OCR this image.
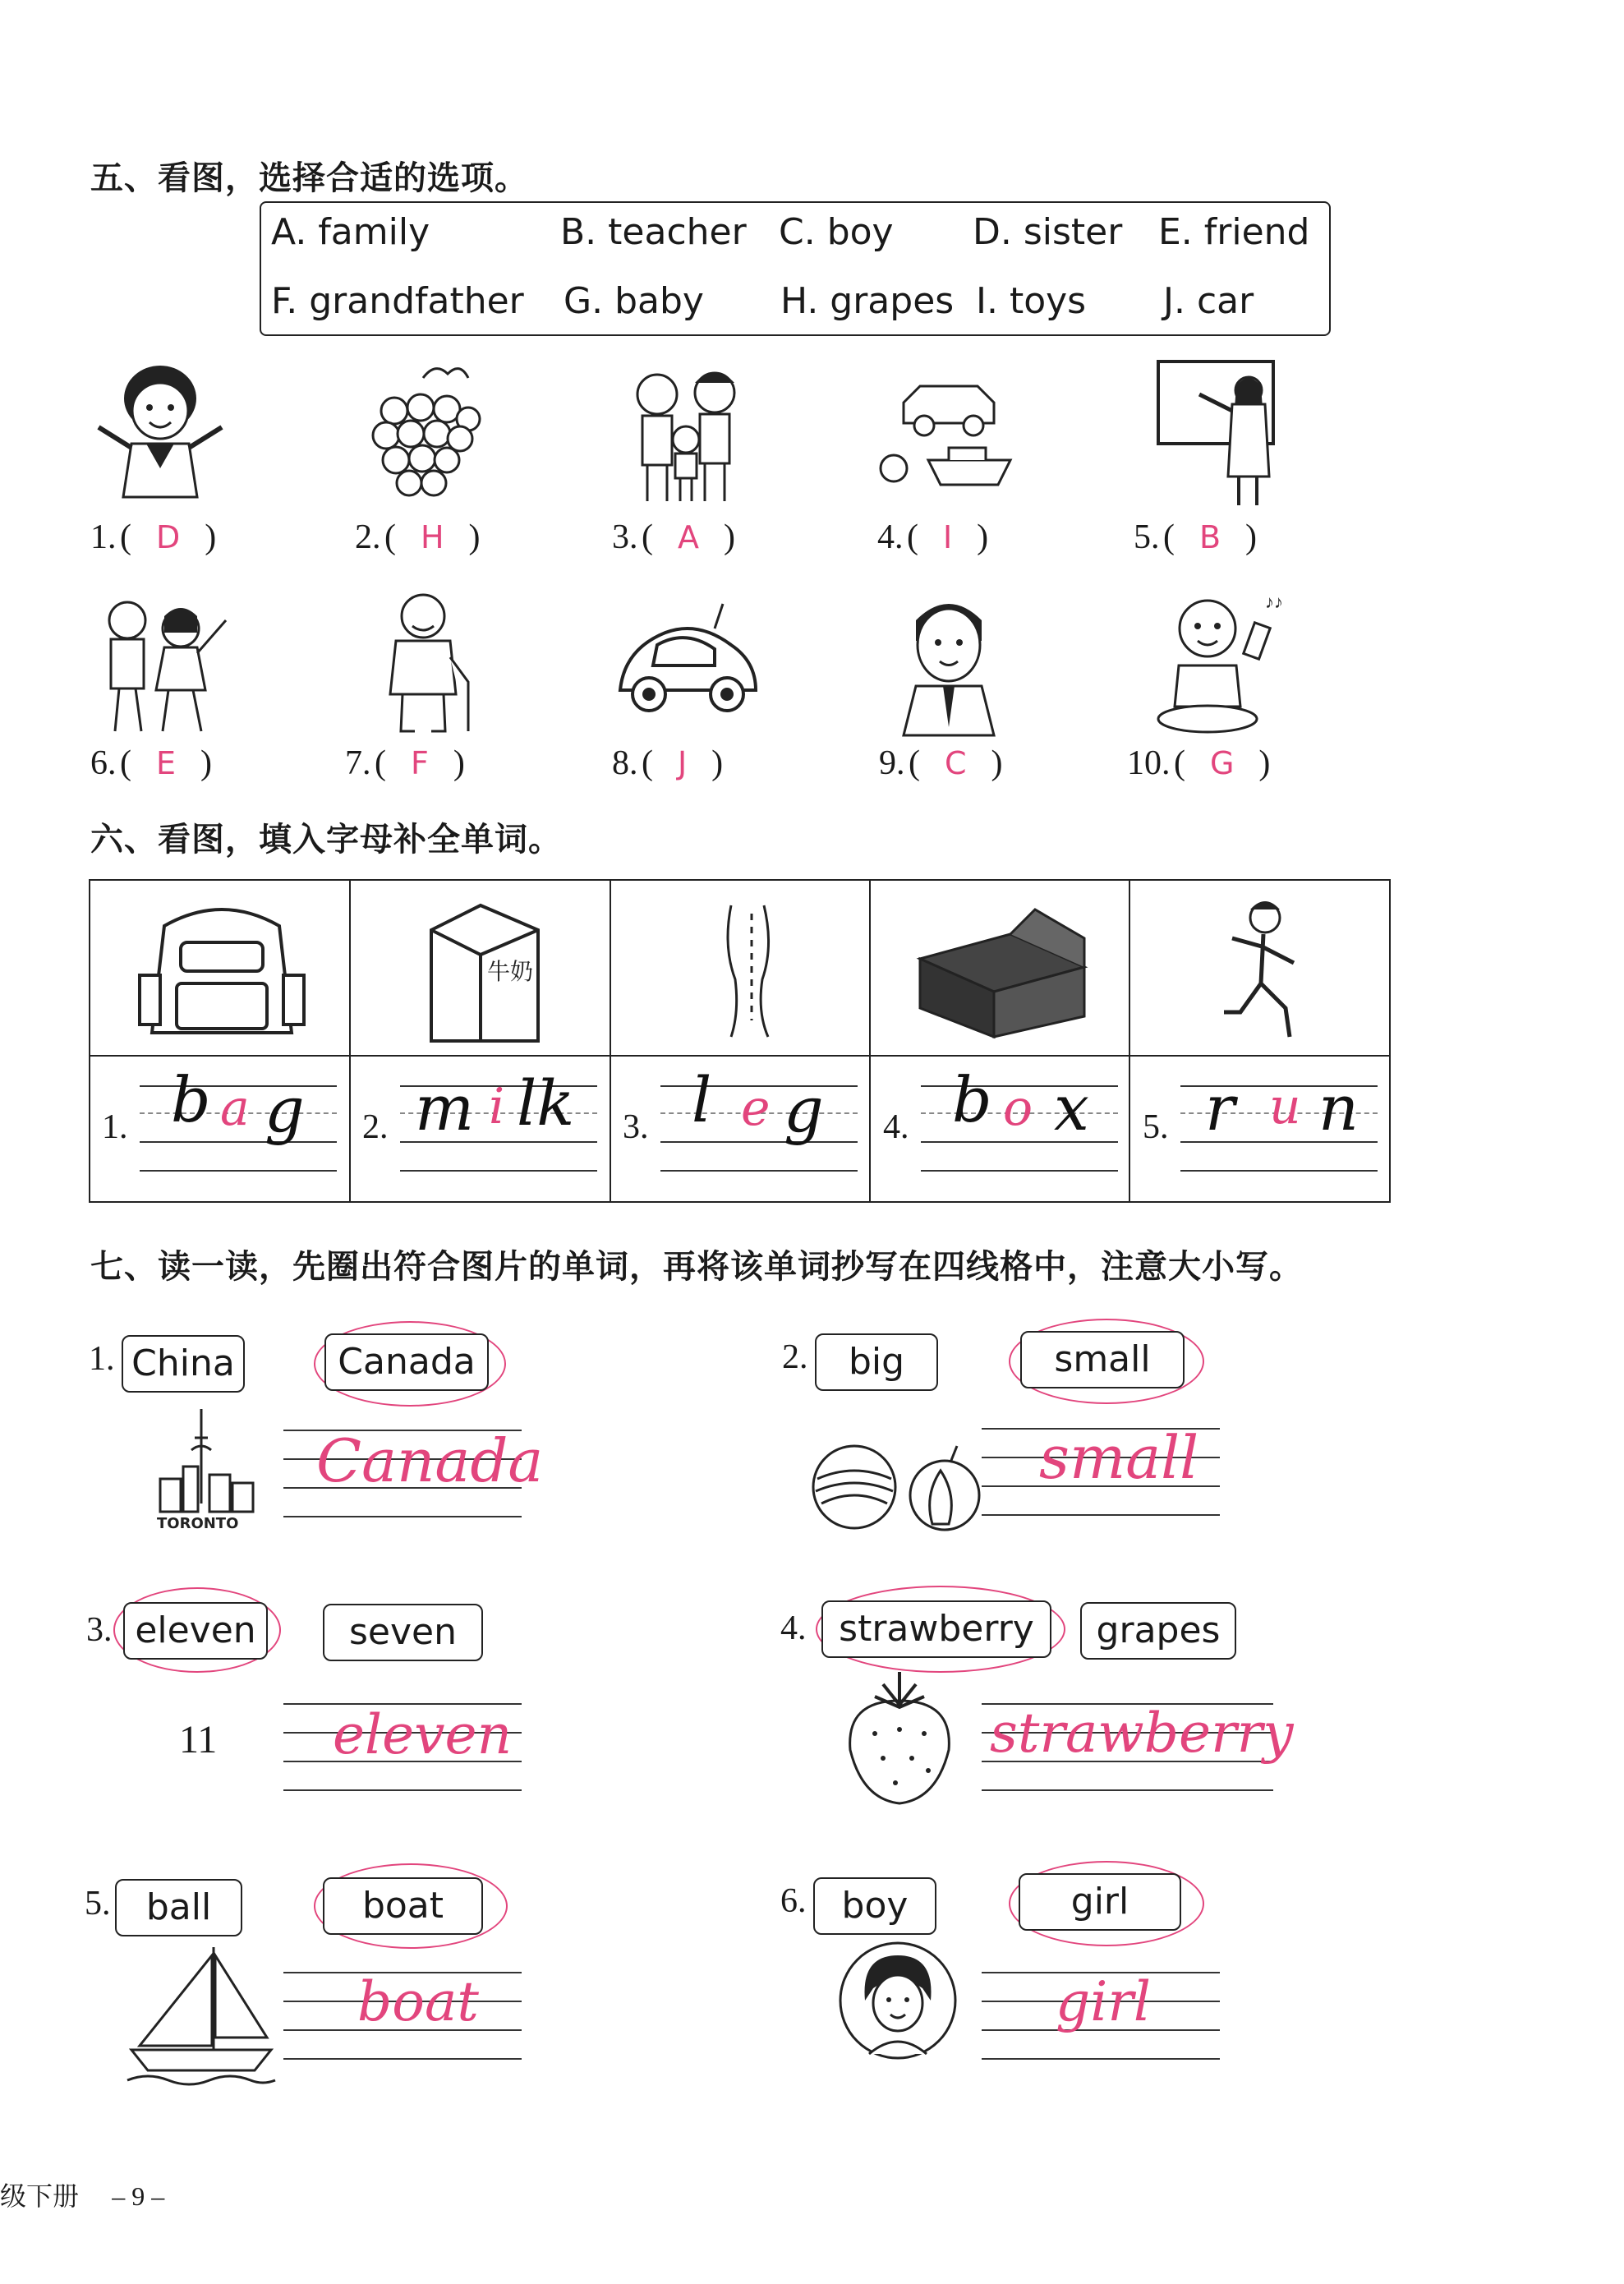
五、看图，选择合适的选项。
A. family	B. teacher C. boy D. sister E. friend
F. grandfather G. baby H. grapes I. toys J. car
1. ( D )	2. ( H )	3. ( A )	4. ( I )	5. ( B )
♪♪
6. ( E )	7. ( F )	8. ( J )	9. ( C )	10. ( G )
六、看图，填入字母补全单词。
牛奶
1. b a g 2. m i lk 3. l e g 4. b o x 5. r u n
七、读一读，先圈出符合图片的单词，再将该单词抄写在四线格中，注意大小写。
1. China	Canada
TORONTO
Canada
2.	big	small
small
3. eleven	seven
11 eleven
4. strawberry	grapes
strawberry
5. ball	boat
boat
6. boy	girl
girl
级下册 – 9 –
